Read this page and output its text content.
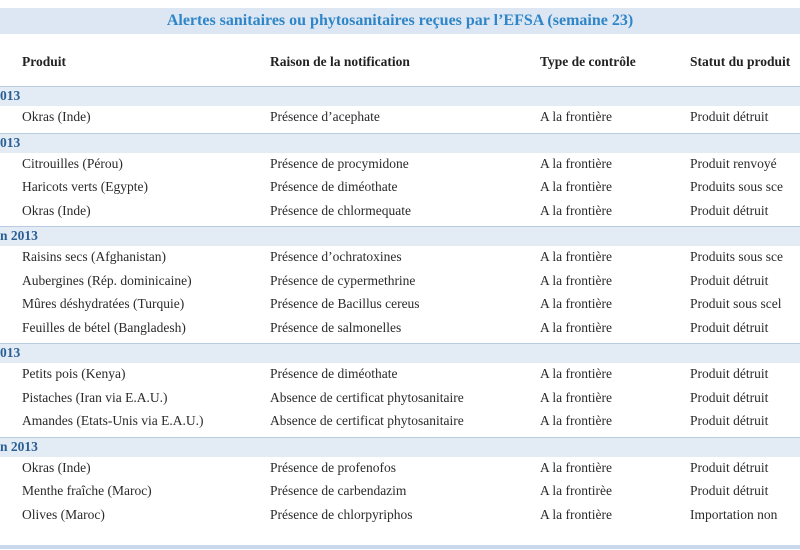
Alertes sanitaires ou phytosanitaires reçues par l’EFSA (semaine 23)
Produit	Raison de la notification	Type de contrôle	Statut du produit
013
Okras (Inde)	Présence d’acephate	A la frontière	Produit détruit
013
Citrouilles (Pérou)	Présence de procymidone	A la frontière	Produit renvoyé
Haricots verts (Egypte)	Présence de diméothate	A la frontière	Produits sous sce
Okras (Inde)	Présence de chlormequate	A la frontière	Produit détruit
n 2013
Raisins secs (Afghanistan)	Présence d’ochratoxines	A la frontière	Produits sous sce
Aubergines (Rép. dominicaine)	Présence de cypermethrine	A la frontière	Produit détruit
Mûres déshydratées (Turquie)	Présence de Bacillus cereus	A la frontière	Produit sous scel
Feuilles de bétel (Bangladesh)	Présence de salmonelles	A la frontière	Produit détruit
013
Petits pois (Kenya)	Présence de diméothate	A la frontière	Produit détruit
Pistaches (Iran via E.A.U.)	Absence de certificat phytosanitaire	A la frontière	Produit détruit
Amandes (Etats-Unis via E.A.U.)	Absence de certificat phytosanitaire	A la frontière	Produit détruit
n 2013
Okras (Inde)	Présence de profenofos	A la frontière	Produit détruit
Menthe fraîche (Maroc)	Présence de carbendazim	A la frontirèe	Produit détruit
Olives (Maroc)	Présence de chlorpyriphos	A la frontière	Importation non
